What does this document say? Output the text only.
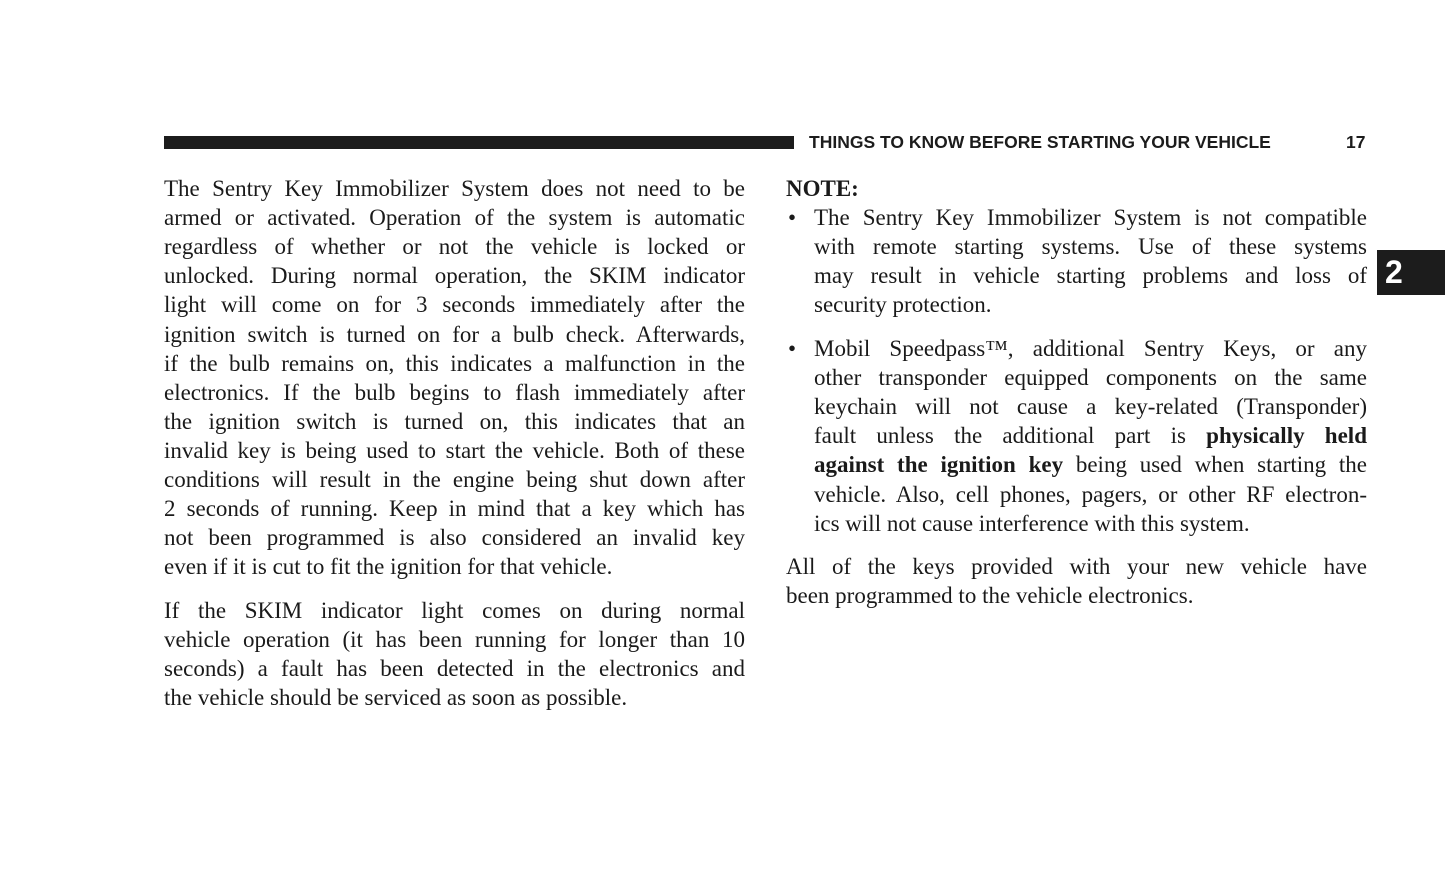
THINGS TO KNOW BEFORE STARTING YOUR VEHICLE	17
2
The Sentry Key Immobilizer System does not need to be
armed or activated. Operation of the system is automatic
regardless of whether or not the vehicle is locked or
unlocked. During normal operation, the SKIM indicator
light will come on for 3 seconds immediately after the
ignition switch is turned on for a bulb check. Afterwards,
if the bulb remains on, this indicates a malfunction in the
electronics. If the bulb begins to flash immediately after
the ignition switch is turned on, this indicates that an
invalid key is being used to start the vehicle. Both of these
conditions will result in the engine being shut down after
2 seconds of running. Keep in mind that a key which has
not been programmed is also considered an invalid key
even if it is cut to fit the ignition for that vehicle.
If the SKIM indicator light comes on during normal
vehicle operation (it has been running for longer than 10
seconds) a fault has been detected in the electronics and
the vehicle should be serviced as soon as possible.
NOTE:
• The Sentry Key Immobilizer System is not compatible
with remote starting systems. Use of these systems
may result in vehicle starting problems and loss of
security protection.
• Mobil Speedpass™, additional Sentry Keys, or any
other transponder equipped components on the same
keychain will not cause a key-related (Transponder)
fault unless the additional part is physically held
against the ignition key being used when starting the
vehicle. Also, cell phones, pagers, or other RF electron-
ics will not cause interference with this system.
All of the keys provided with your new vehicle have
been programmed to the vehicle electronics.
